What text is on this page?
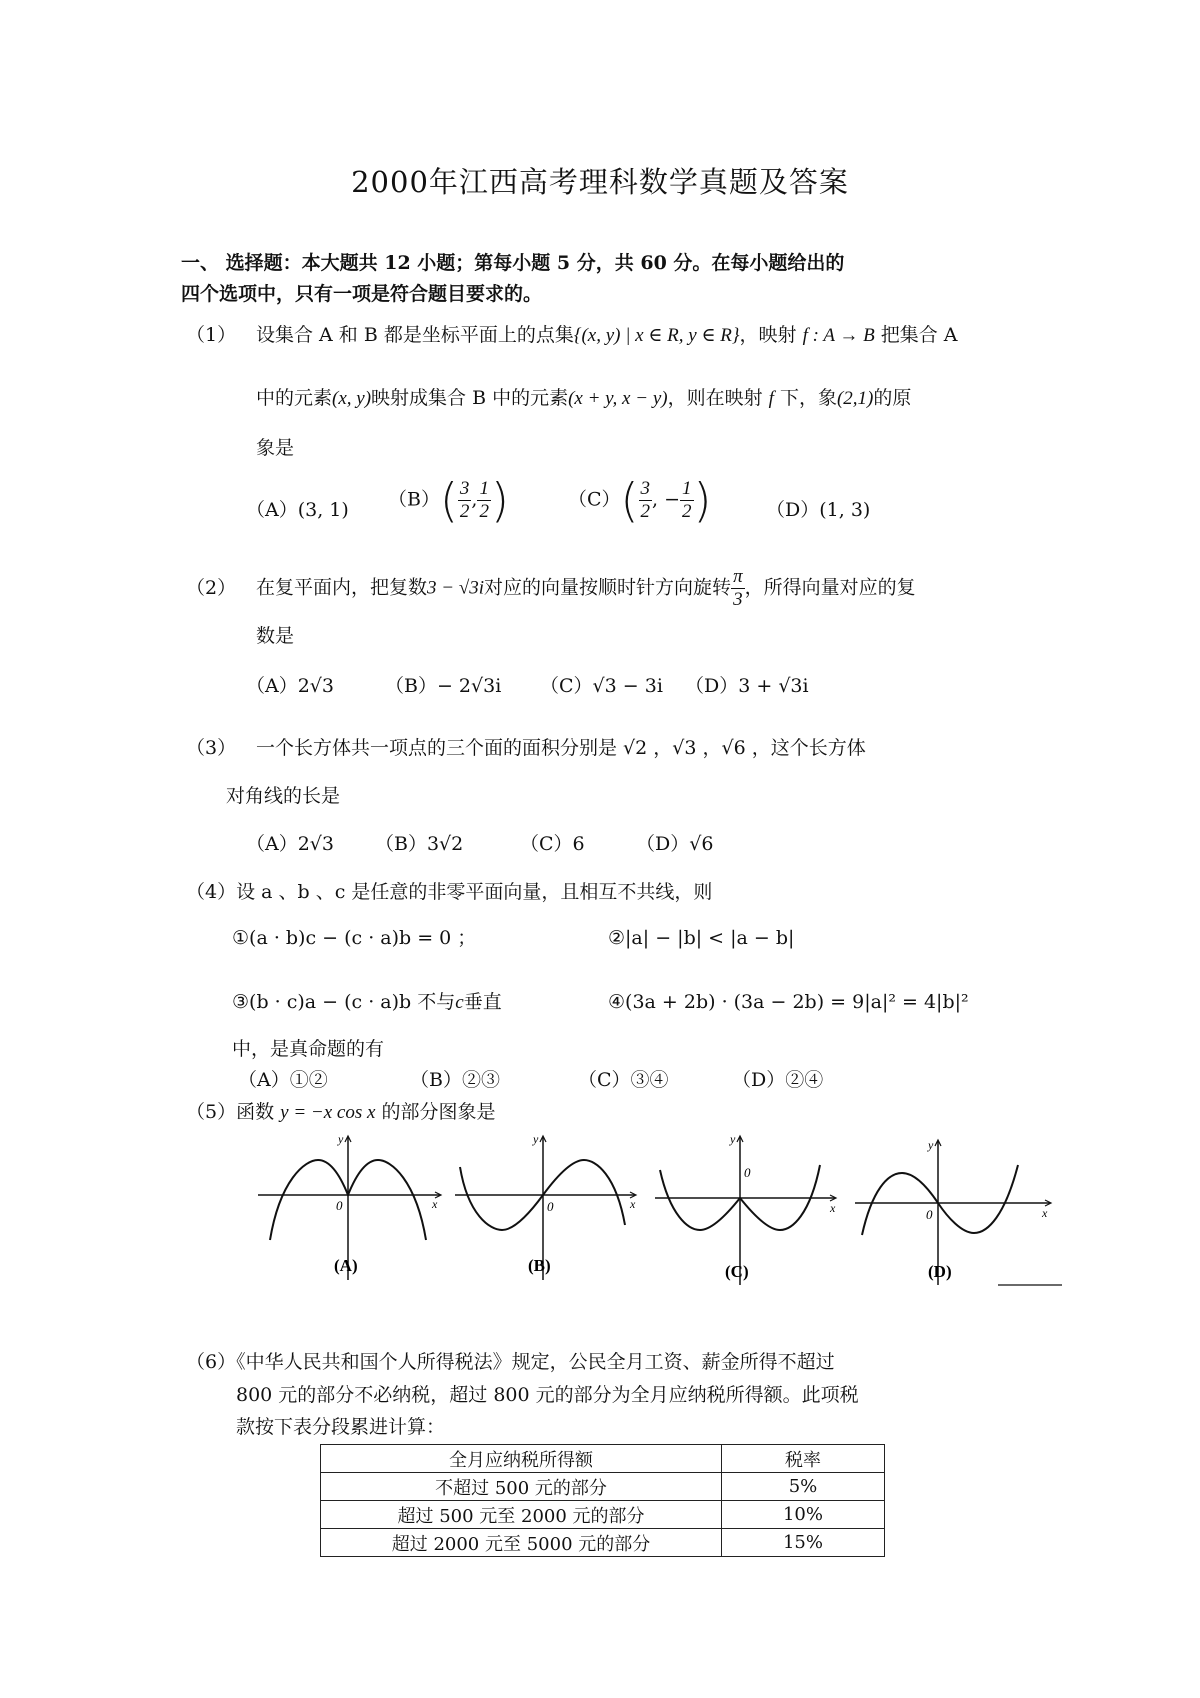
2000年江西高考理科数学真题及答案
一、 选择题：本大题共 12 小题；第每小题 5 分，共 60 分。在每小题给出的
四个选项中，只有一项是符合题目要求的。
（1） 设集合 A 和 B 都是坐标平面上的点集{(x, y) | x ∈ R, y ∈ R}，映射 f : A → B 把集合 A
中的元素(x, y)映射成集合 B 中的元素(x + y, x − y)，则在映射 f 下，象(2,1)的原
象是
（A）(3, 1) $(B)( \frac{3}{2}$ , $\frac{1}{2}$ )	$(C)( \frac{3}{2}$ , − $\frac{1}{2}$ )	（D）(1, 3)
（2） 在复平面内，把复数3 − √3i对应的向量按顺时针方向旋转 $\frac{\pi}{3}$ ，所得向量对应的复
数是
（A）2√3	（B）− 2√3i （C）√3 − 3i （D）3 + √3i
（3） 一个长方体共一项点的三个面的面积分别是 √2 ，√3 ，√6 ，这个长方体
对角线的长是
（A）2√3 （B）3√2	（C）6	（D）√6
（4）设 a 、b 、c 是任意的非零平面向量，且相互不共线，则
①(a · b)c − (c · a)b = 0 ；	②|a| − |b| < |a − b|
③(b · c)a − (c · a)b 不与c垂直	④(3a + 2b) · (3a − 2b) = 9|a|² = 4|b|²
中，是真命题的有
（A）①②	（B）②③	（C）③④	（D）②④
（5）函数 y = −x cos x 的部分图象是
y
0	x
(A)
y
0	x
(B)
y
0
x
(C)
y
0	x
(D)
（6）《中华人民共和国个人所得税法》规定，公民全月工资、薪金所得不超过
800 元的部分不必纳税，超过 800 元的部分为全月应纳税所得额。此项税
款按下表分段累进计算：
全月应纳税所得额	税率
不超过 500 元的部分	5%
超过 500 元至 2000 元的部分	10%
超过 2000 元至 5000 元的部分	15%
